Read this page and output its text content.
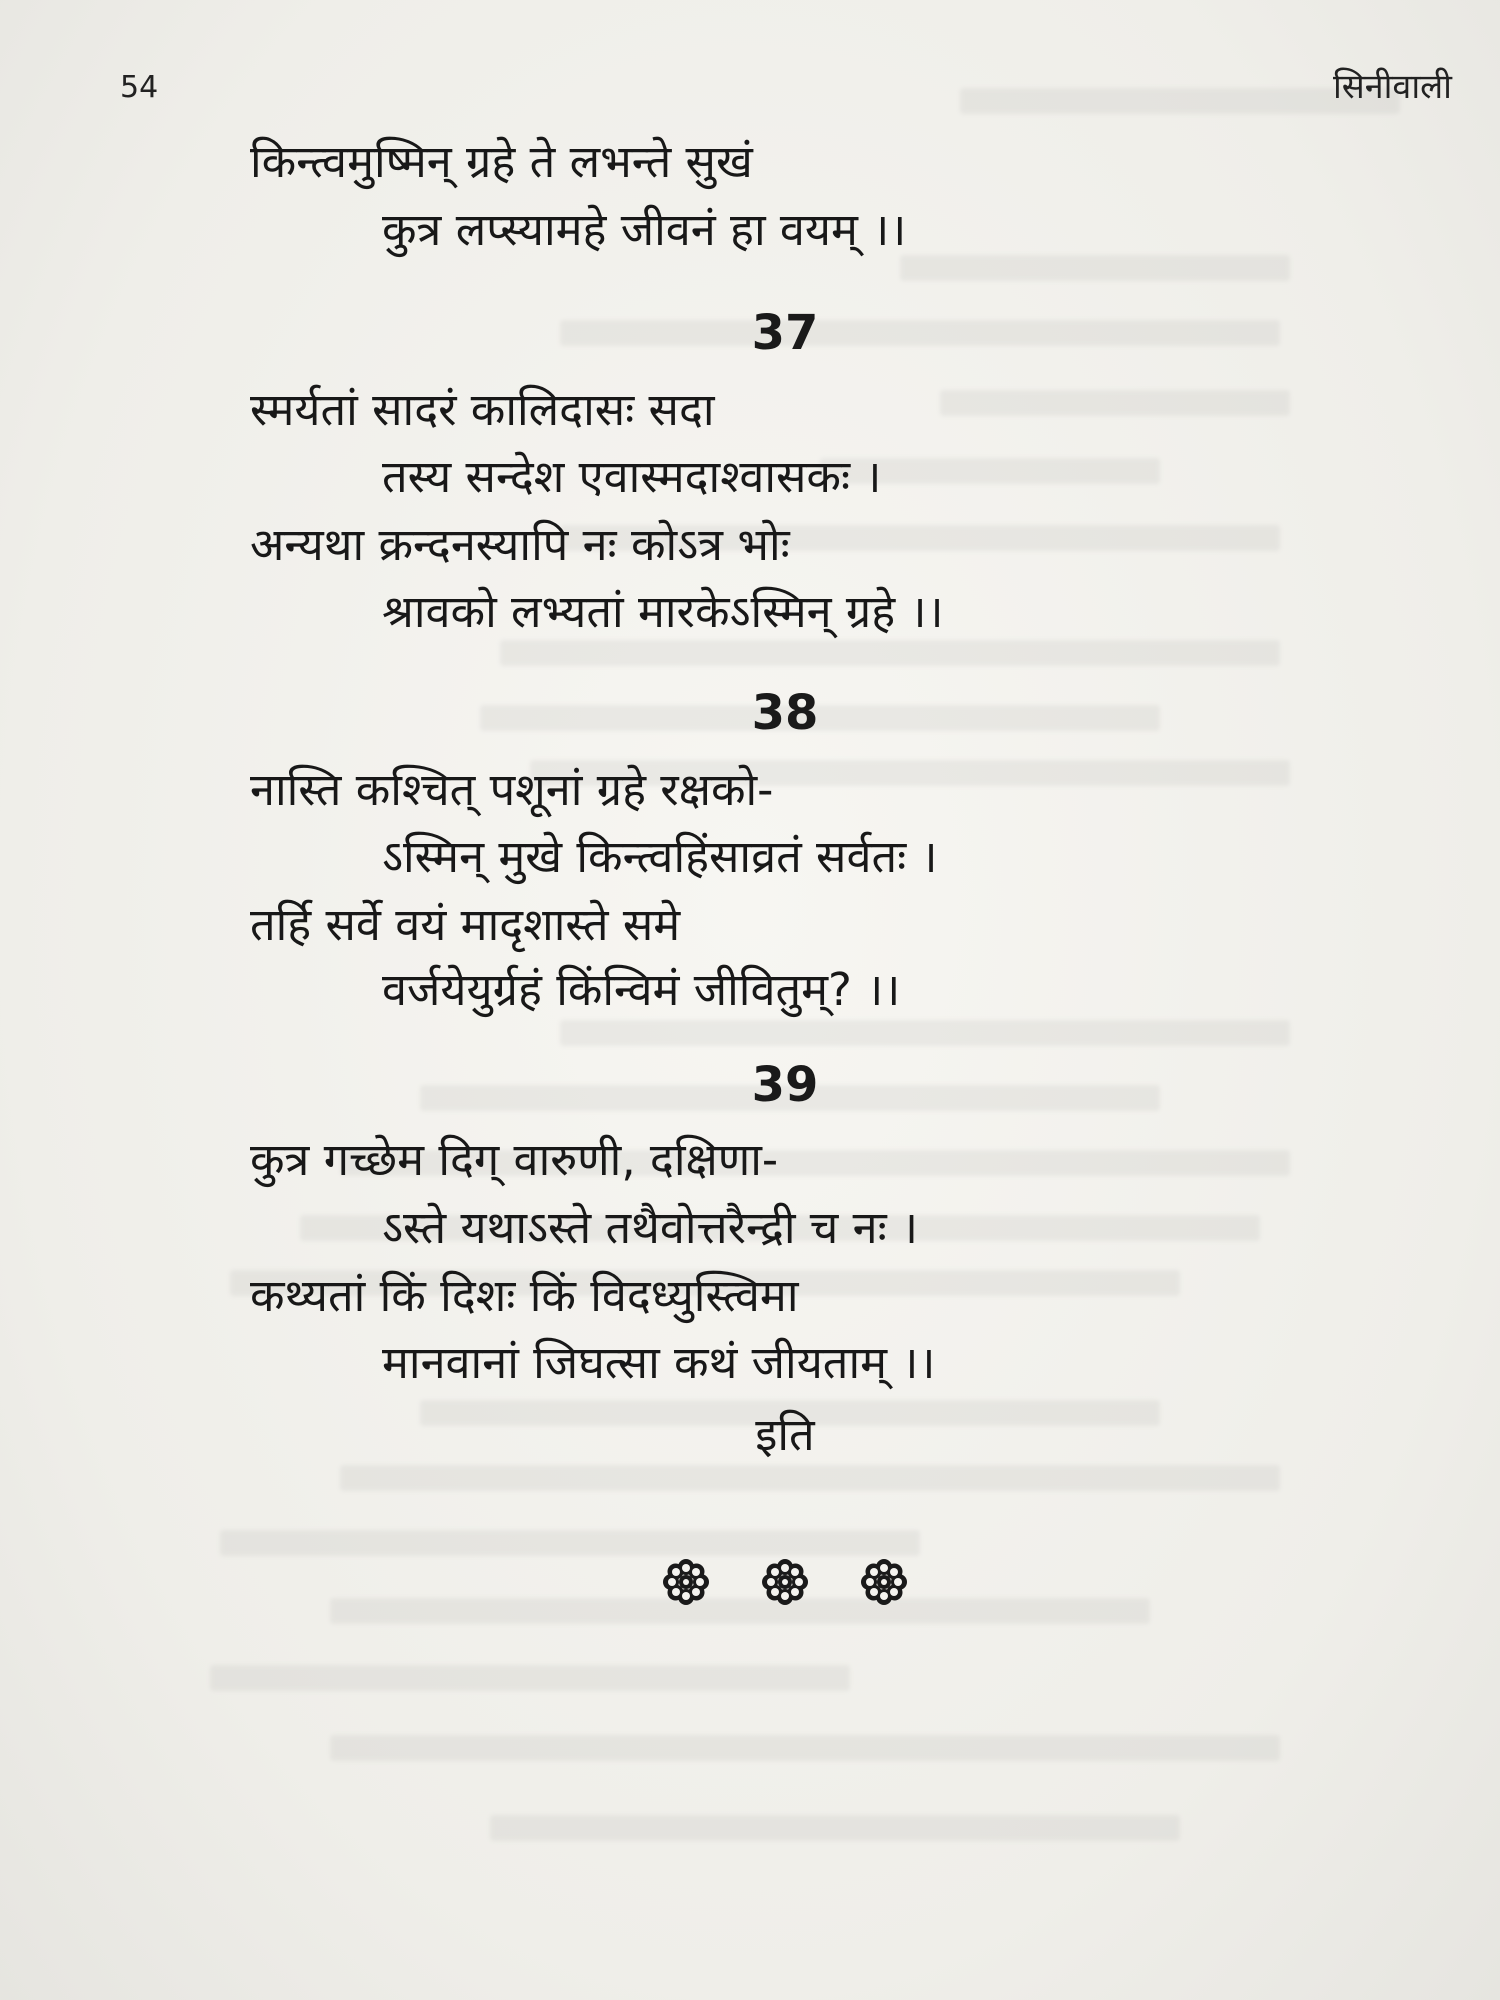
54	सिनीवाली
किन्त्वमुष्मिन् ग्रहे ते लभन्ते सुखं
कुत्र लप्स्यामहे जीवनं हा वयम् ।।
37
स्मर्यतां सादरं कालिदासः सदा
तस्य सन्देश एवास्मदाश्वासकः ।
अन्यथा क्रन्दनस्यापि नः कोऽत्र भोः
श्रावको लभ्यतां मारकेऽस्मिन् ग्रहे ।।
38
नास्ति कश्चित् पशूनां ग्रहे रक्षको-
ऽस्मिन् मुखे किन्त्वहिंसाव्रतं सर्वतः ।
तर्हि सर्वे वयं मादृशास्ते समे
वर्जयेयुर्ग्रहं किंन्विमं जीवितुम्? ।।
39
कुत्र गच्छेम दिग् वारुणी, दक्षिणा-
ऽस्ते यथाऽस्ते तथैवोत्तरैन्द्री च नः ।
कथ्यतां किं दिशः किं विदध्युस्त्विमा
मानवानां जिघत्सा कथं जीयताम् ।।
इति
